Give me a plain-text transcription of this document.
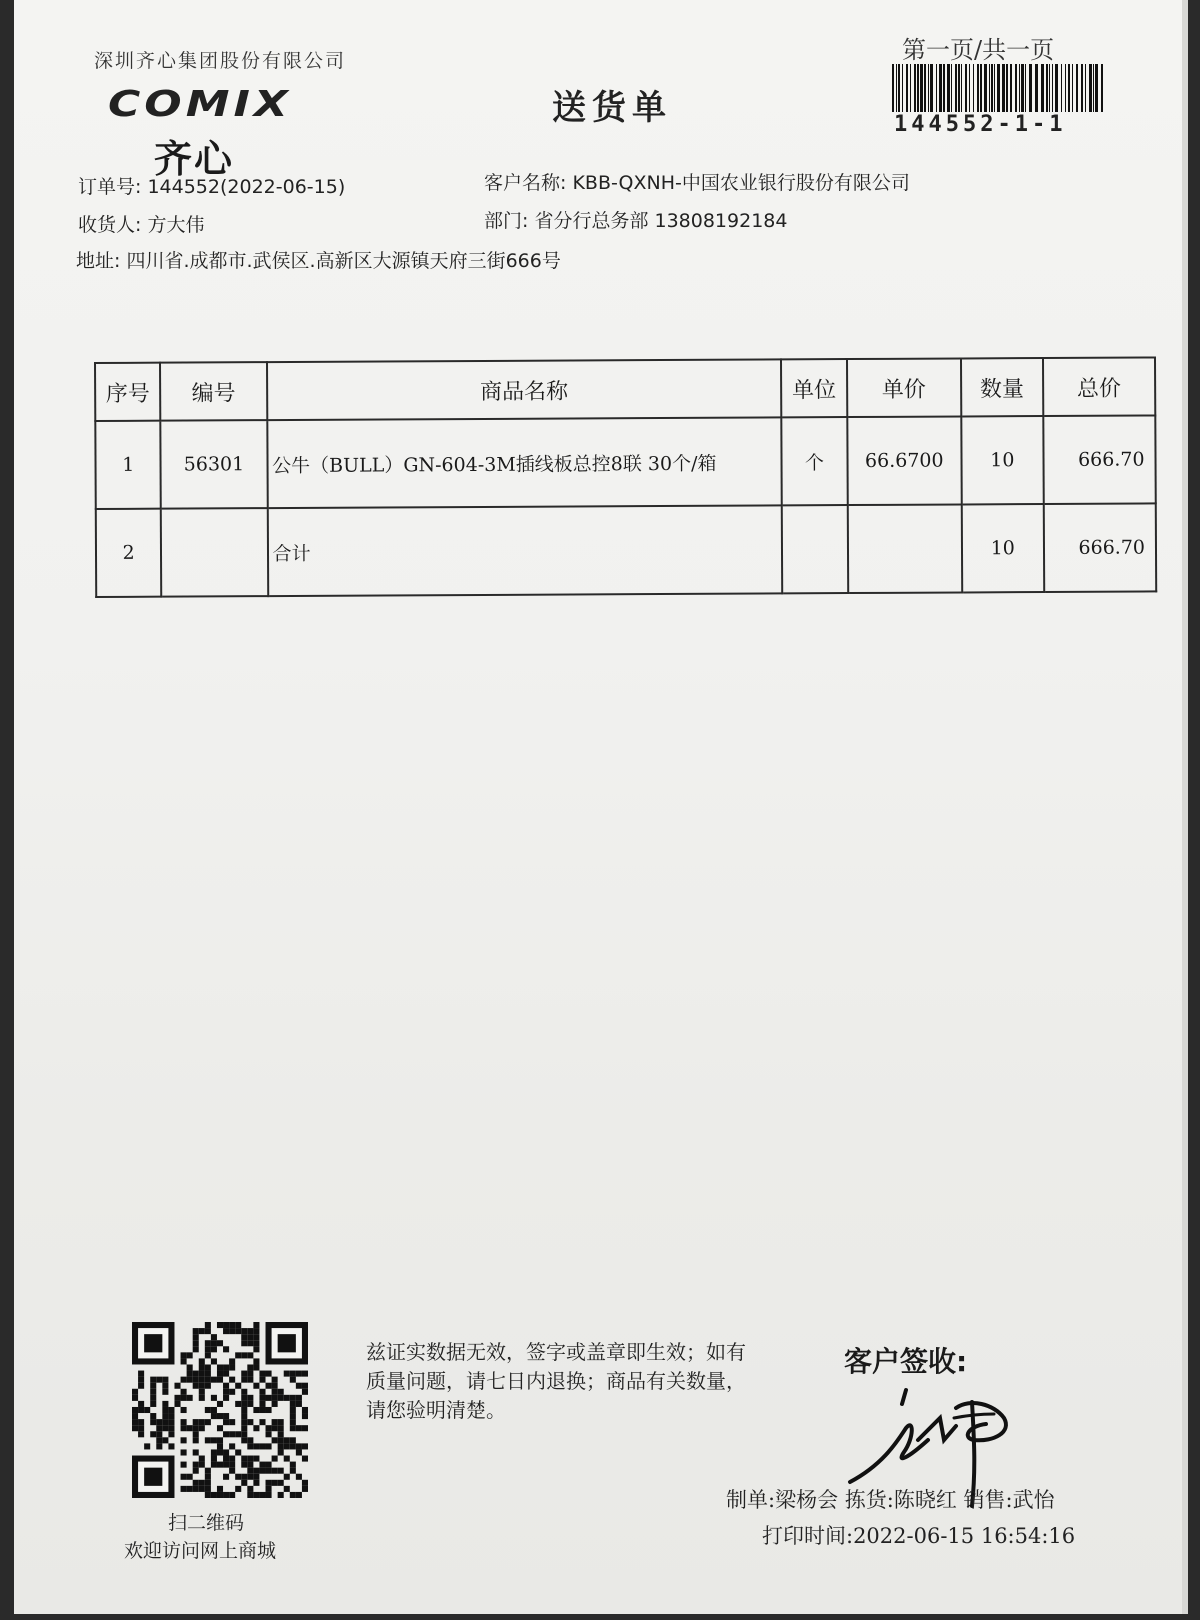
深圳齐心集团股份有限公司
COMIX
齐心
送货单
第一页/共一页
144552-1-1
订单号: 144552(2022-06-15)	客户名称: KBB-QXNH-中国农业银行股份有限公司
收货人: 方大伟	部门: 省分行总务部 13808192184
地址: 四川省.成都市.武侯区.高新区大源镇天府三街666号
序号	编号	商品名称	单位	单价	数量	总价
1	56301	公牛（BULL）GN-604-3M插线板总控8联 30个/箱	个	66.6700	10	666.70
2		合计			10	666.70
扫二维码
欢迎访问网上商城
兹证实数据无效，签字或盖章即生效；如有质量问题，请七日内退换；商品有关数量，请您验明清楚。
客户签收:
制单:梁杨会 拣货:陈晓红 销售:武怡
打印时间:2022-06-15 16:54:16
